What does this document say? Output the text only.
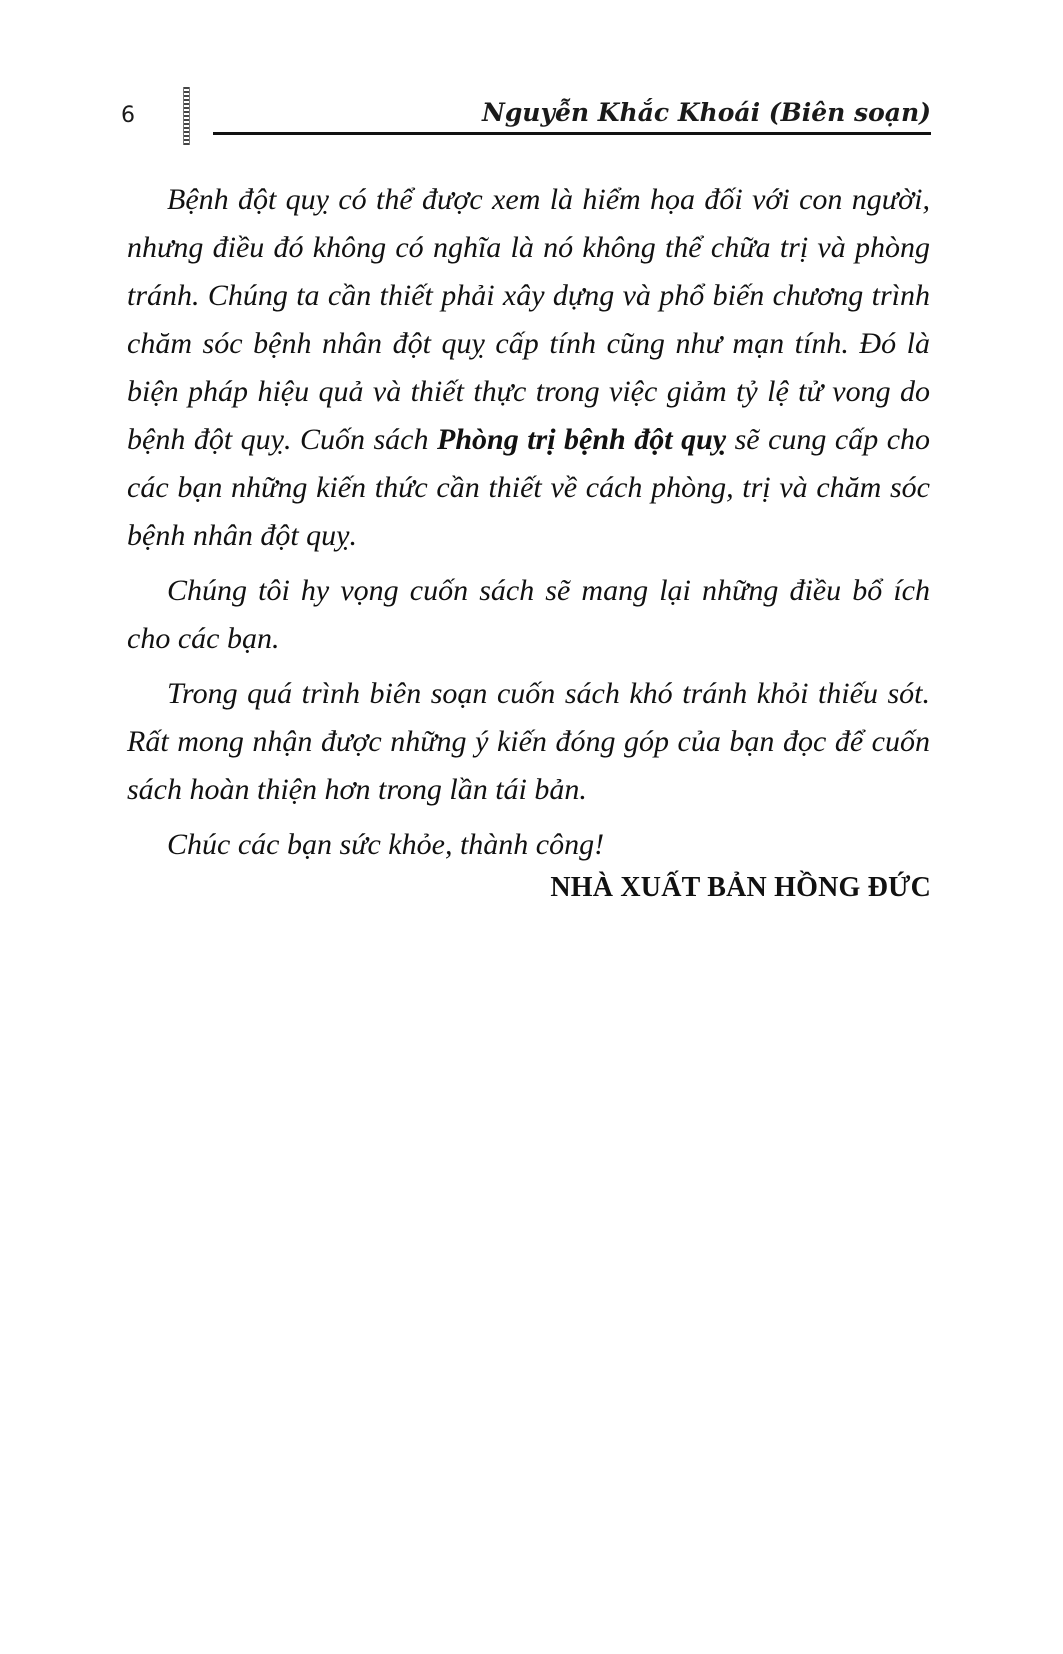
6	Nguyễn Khắc Khoái (Biên soạn)

Bệnh đột quỵ có thể được xem là hiểm họa đối với con người, nhưng điều đó không có nghĩa là nó không thể chữa trị và phòng tránh. Chúng ta cần thiết phải xây dựng và phổ biến chương trình chăm sóc bệnh nhân đột quỵ cấp tính cũng như mạn tính. Đó là biện pháp hiệu quả và thiết thực trong việc giảm tỷ lệ tử vong do bệnh đột quỵ. Cuốn sách Phòng trị bệnh đột quỵ sẽ cung cấp cho các bạn những kiến thức cần thiết về cách phòng, trị và chăm sóc bệnh nhân đột quỵ.

Chúng tôi hy vọng cuốn sách sẽ mang lại những điều bổ ích cho các bạn.

Trong quá trình biên soạn cuốn sách khó tránh khỏi thiếu sót. Rất mong nhận được những ý kiến đóng góp của bạn đọc để cuốn sách hoàn thiện hơn trong lần tái bản.

Chúc các bạn sức khỏe, thành công!

NHÀ XUẤT BẢN HỒNG ĐỨC
